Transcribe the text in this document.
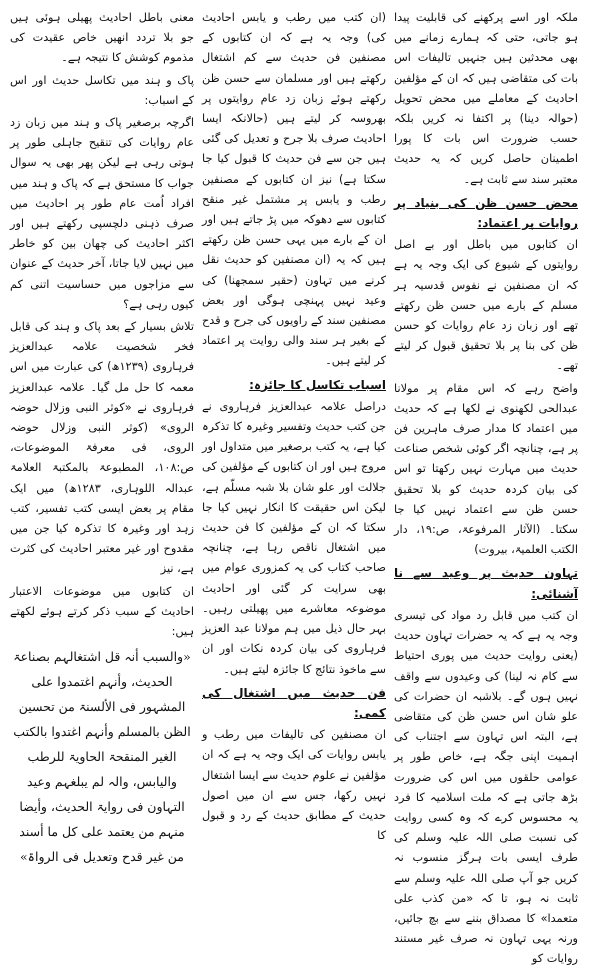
معنی باطل احادیث پھیلی ہوئی ہیں جو بلا تردد انھیں خاص عقیدت کی مذموم کوشش کا نتیجہ ہے۔

پاک و ہند میں تکاسل حدیث اور اس کے اسباب:

اگرچہ برصغیر پاک و ہند میں زبان زد عام روایات کی تنقیح جاہلی طور پر ہوتی رہی ہے لیکن پھر بھی یہ سوال جواب کا مستحق ہے کہ پاک و ہند میں افراد اُمت عام طور پر احادیث میں صرف ذہنی دلچسپی رکھتے ہیں اور اکثر احادیث کی چھان بین کو خاطر میں نہیں لایا جاتا، آخر حدیث کے عنوان سے مزاجوں میں حساسیت اتنی کم کیوں رہی ہے؟

تلاش بسیار کے بعد پاک و ہند کی قابل فخر شخصیت علامہ عبدالعزیز فرہاروی (۱۲۳۹ھ) کی عبارت میں اس معمہ کا حل مل گیا۔ علامہ عبدالعزیز فرہاروی نے «کوثر النبی وزلال حوضہ الروی» (کوثر النبی وزلال حوضہ الروی، فی معرفۃ الموضوعات، ص:۱۰۸، المطبوعۃ بالمکتبۃ العلامۃ عبدالہ اللوہاری، ۱۲۸۳ھ) میں ایک مقام پر بعض ایسی کتب تفسیر، کتب زہد اور وغیرہ کا تذکرہ کیا جن میں مقدوح اور غیر معتبر احادیث کی کثرت ہے، نیز

ان کتابوں میں موضوعات الاعتبار احادیث کے سبب ذکر کرتے ہوئے لکھتے ہیں:

«والسبب أنہ قل اشتغالہم بصناعۃ الحدیث، وأنہم اغتمدوا علی المشہور فی الألسنۃ من تحسین الظن بالمسلم وأنہم اغتدوا بالکتب الغیر المنقحۃ الحاویۃ للرطب والیابس، والہ لم یبلغہم وعید التہاون فی روایۃ الحدیث، وأیضا منہم من یعتمد علی کل ما أسند من غیر قدح وتعدیل فی الرواۃ»

(ان کتب میں رطب و یابس احادیث کی) وجہ یہ ہے کہ ان کتابوں کے مصنفین فن حدیث سے کم اشتغال رکھتے ہیں اور مسلمان سے حسن ظن رکھتے ہوئے زبان زد عام روایتوں پر بھروسہ کر لیتے ہیں (حالانکہ ایسا احادیث صرف بلا جرح و تعدیل کی گئی ہیں جن سے فن حدیث کا قبول کیا جا سکتا ہے) نیز ان کتابوں کے مصنفین رطب و یابس پر مشتمل غیر منقح کتابوں سے دھوکہ میں پڑ جاتے ہیں اور ان کے بارے میں یہی حسن ظن رکھتے ہیں کہ یہ (ان مصنفین کو حدیث نقل کرنے میں تہاون (حقیر سمجھنا) کی وعید نہیں پہنچی ہوگی اور بعض مصنفین سند کے راویوں کی جرح و قدح کے بغیر ہر سند والی روایت پر اعتماد کر لیتے ہیں۔

اسباب تکاسل کا جائزہ:

دراصل علامہ عبدالعزیز فرہاروی نے جن کتب حدیث وتفسیر وغیرہ کا تذکرہ کیا ہے، یہ کتب برصغیر میں متداول اور مروج ہیں اور ان کتابوں کے مؤلفین کی جلالت اور علو شان بلا شبہ مسلّم ہے، لیکن اس حقیقت کا انکار نہیں کیا جا سکتا کہ ان کے مؤلفین کا فن حدیث میں اشتغال ناقص رہا ہے، چنانچہ صاحب کتاب کی یہ کمزوری عوام میں بھی سرایت کر گئی اور احادیث موضوعہ معاشرے میں پھیلتی رہیں۔ بہر حال ذیل میں ہم مولانا عبد العزیز فرہاروی کی بیان کردہ نکات اور ان سے ماخوذ نتائج کا جائزہ لیتے ہیں۔

فن حدیث میں اشتغال کی کمی:

ان مصنفین کی تالیفات میں رطب و یابس روایات کی ایک وجہ یہ ہے کہ ان مؤلفین نے علوم حدیث سے ایسا اشتغال نہیں رکھا، جس سے ان میں اصول حدیث کے مطابق حدیث کے رد و قبول کا

ملکہ اور اسے پرکھنے کی قابلیت پیدا ہو جاتی، حتی کہ ہمارے زمانے میں بھی محدثین ہیں جنہیں تالیفات اس بات کی متقاضی ہیں کہ ان کے مؤلفین احادیث کے معاملے میں محض تحویل (حوالہ دینا) پر اکتفا نہ کریں بلکہ حسب ضرورت اس بات کا پورا اطمینان حاصل کریں کہ یہ حدیث معتبر سند سے ثابت ہے۔

محض حسن ظن کی بنیاد پر روایات پر اعتماد:

ان کتابوں میں باطل اور بے اصل روایتوں کے شیوع کی ایک وجہ یہ ہے کہ ان مصنفین نے نفوس قدسیہ ہر مسلم کے بارے میں حسن ظن رکھتے تھے اور زبان زد عام روایات کو حسن ظن کی بنا پر بلا تحقیق قبول کر لیتے تھے۔

واضح رہے کہ اس مقام پر مولانا عبدالحی لکھنوی نے لکھا ہے کہ حدیث میں اعتماد کا مدار صرف ماہرین فن پر ہے، چنانچہ اگر کوئی شخص صناعت حدیث میں مہارت نہیں رکھتا تو اس کی بیان کردہ حدیث کو بلا تحقیق حسن ظن سے اعتماد نہیں کیا جا سکتا۔ (الآثار المرفوعۃ، ص:۱۹، دار الکتب العلمیۃ، بیروت)

تہاون حدیث پر وعید سے نا آشنائی:

ان کتب میں قابل رد مواد کی تیسری وجہ یہ ہے کہ یہ حضرات تہاون حدیث (یعنی روایت حدیث میں پوری احتیاط سے کام نہ لینا) کی وعیدوں سے واقف نہیں ہوں گے۔ بلاشبہ ان حضرات کی علو شان اس حسن ظن کی متقاضی ہے، البتہ اس تہاون سے اجتناب کی اہمیت اپنی جگہ ہے، خاص طور پر عوامی حلقوں میں اس کی ضرورت بڑھ جاتی ہے کہ ملت اسلامیہ کا فرد یہ محسوس کرے کہ وہ کسی روایت کی نسبت صلی اللہ علیہ وسلم کی طرف ایسی بات ہرگز منسوب نہ کریں جو آپ صلی اللہ علیہ وسلم سے ثابت نہ ہو، تا کہ «من کذب علی متعمدا» کا مصداق بننے سے بچ جائیں، ورنہ یہی تہاون نہ صرف غیر مستند روایات کو
